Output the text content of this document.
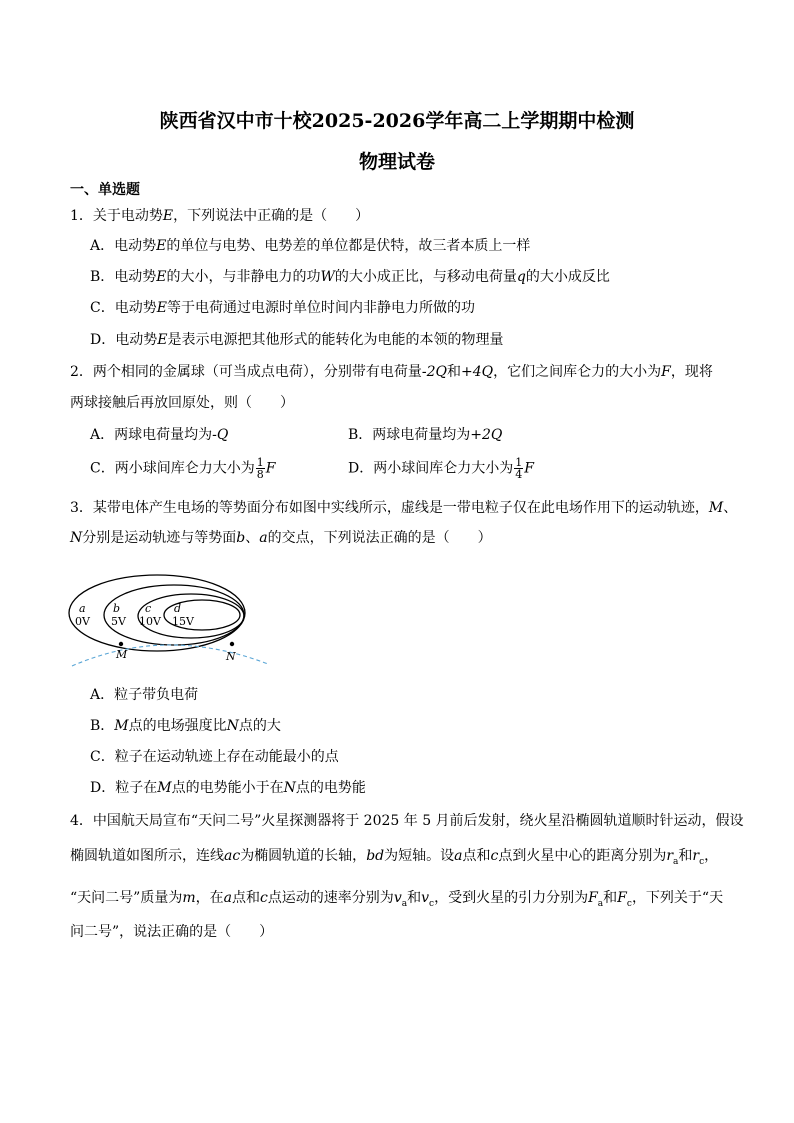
陕西省汉中市十校2025-2026学年高二上学期期中检测
物理试卷
一、单选题
1．关于电动势E，下列说法中正确的是（　　）
A．电动势E的单位与电势、电势差的单位都是伏特，故三者本质上一样
B．电动势E的大小，与非静电力的功W的大小成正比，与移动电荷量q的大小成反比
C．电动势E等于电荷通过电源时单位时间内非静电力所做的功
D．电动势E是表示电源把其他形式的能转化为电能的本领的物理量
2．两个相同的金属球（可当成点电荷），分别带有电荷量-2Q和+4Q，它们之间库仑力的大小为F，现将
两球接触后再放回原处，则（　　）
A．两球电荷量均为-Q	B．两球电荷量均为+2Q
C．两小球间库仑力大小为 $\frac{1}{8}$ F	D．两小球间库仑力大小为 $\frac{1}{4}$ F
3．某带电体产生电场的等势面分布如图中实线所示，虚线是一带电粒子仅在此电场作用下的运动轨迹，M、
N分别是运动轨迹与等势面b、a的交点，下列说法正确的是（　　）
a b c d
0V 5V 10V 15V
M	N
A．粒子带负电荷
B．M点的电场强度比N点的大
C．粒子在运动轨迹上存在动能最小的点
D．粒子在M点的电势能小于在N点的电势能
4．中国航天局宣布“天问二号”火星探测器将于 2025 年 5 月前后发射，绕火星沿椭圆轨道顺时针运动，假设
椭圆轨道如图所示，连线ac为椭圆轨道的长轴，bd为短轴。设a点和c点到火星中心的距离分别为$r_a$和$r_c$，
“天问二号”质量为m，在a点和c点运动的速率分别为$v_a$和$v_c$，受到火星的引力分别为$F_a$和$F_c$，下列关于“天
问二号”，说法正确的是（　　）
